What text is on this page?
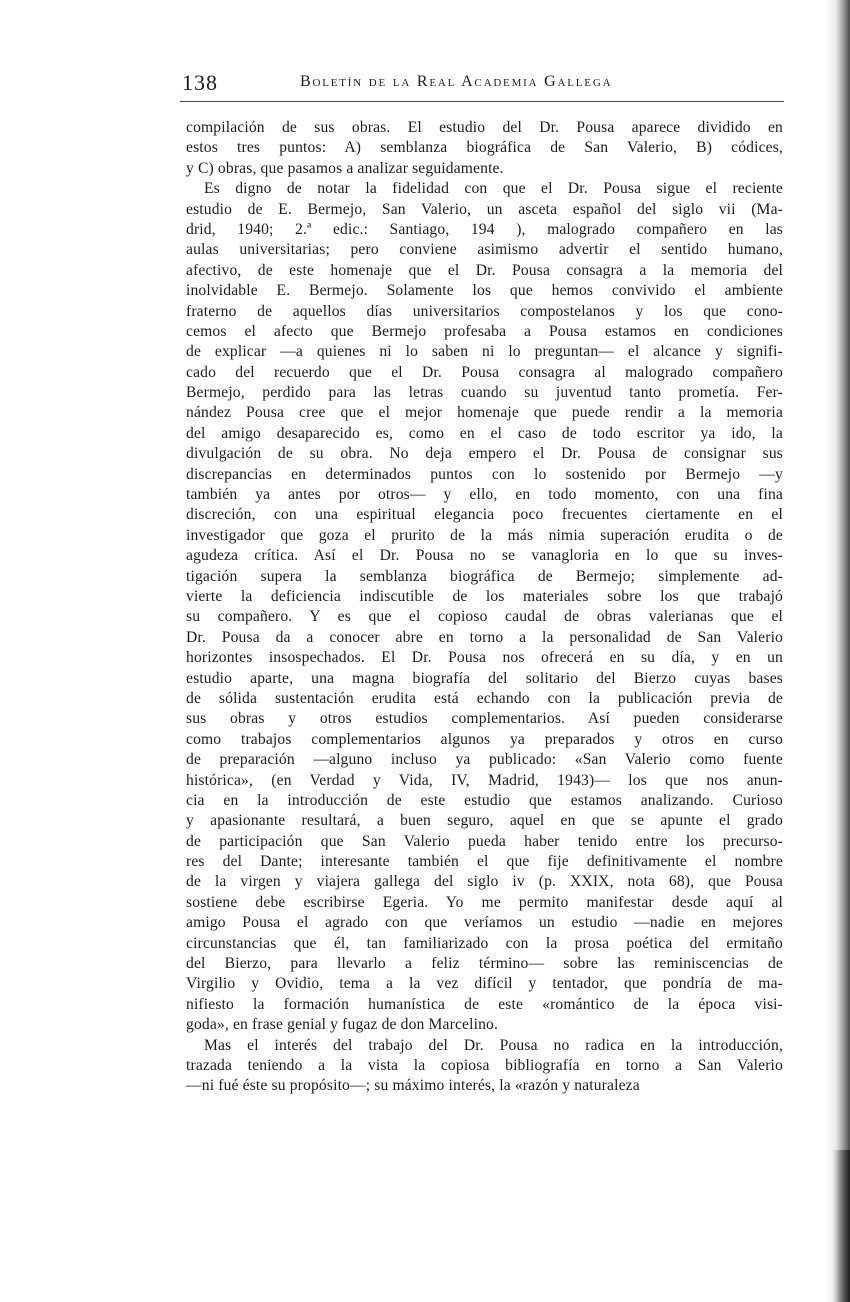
138	Boletín de la Real Academia Gallega

compilación de sus obras. El estudio del Dr. Pousa aparece dividido en
estos tres puntos: A) semblanza biográfica de San Valerio, B) códices,
y C) obras, que pasamos a analizar seguidamente.

Es digno de notar la fidelidad con que el Dr. Pousa sigue el reciente
estudio de E. Bermejo, San Valerio, un asceta español del siglo vii (Ma-
drid, 1940; 2.ª edic.: Santiago, 194 ), malogrado compañero en las
aulas universitarias; pero conviene asimismo advertir el sentido humano,
afectivo, de este homenaje que el Dr. Pousa consagra a la memoria del
inolvidable E. Bermejo. Solamente los que hemos convivido el ambiente
fraterno de aquellos días universitarios compostelanos y los que cono-
cemos el afecto que Bermejo profesaba a Pousa estamos en condiciones
de explicar —a quienes ni lo saben ni lo preguntan— el alcance y signifi-
cado del recuerdo que el Dr. Pousa consagra al malogrado compañero
Bermejo, perdido para las letras cuando su juventud tanto prometía. Fer-
nández Pousa cree que el mejor homenaje que puede rendir a la memoria
del amigo desaparecido es, como en el caso de todo escritor ya ido, la
divulgación de su obra. No deja empero el Dr. Pousa de consignar sus
discrepancias en determinados puntos con lo sostenido por Bermejo —y
también ya antes por otros— y ello, en todo momento, con una fina
discreción, con una espiritual elegancia poco frecuentes ciertamente en el
investigador que goza el prurito de la más nimia superación erudita o de
agudeza crítica. Así el Dr. Pousa no se vanagloria en lo que su inves-
tigación supera la semblanza biográfica de Bermejo; simplemente ad-
vierte la deficiencia indiscutible de los materiales sobre los que trabajó
su compañero. Y es que el copioso caudal de obras valerianas que el
Dr. Pousa da a conocer abre en torno a la personalidad de San Valerio
horizontes insospechados. El Dr. Pousa nos ofrecerá en su día, y en un
estudio aparte, una magna biografía del solitario del Bierzo cuyas bases
de sólida sustentación erudita está echando con la publicación previa de
sus obras y otros estudios complementarios. Así pueden considerarse
como trabajos complementarios algunos ya preparados y otros en curso
de preparación —alguno incluso ya publicado: «San Valerio como fuente
histórica», (en Verdad y Vida, IV, Madrid, 1943)— los que nos anun-
cia en la introducción de este estudio que estamos analizando. Curioso
y apasionante resultará, a buen seguro, aquel en que se apunte el grado
de participación que San Valerio pueda haber tenido entre los precurso-
res del Dante; interesante también el que fije definitivamente el nombre
de la virgen y viajera gallega del siglo iv (p. XXIX, nota 68), que Pousa
sostiene debe escribirse Egeria. Yo me permito manifestar desde aquí al
amigo Pousa el agrado con que veríamos un estudio —nadie en mejores
circunstancias que él, tan familiarizado con la prosa poética del ermitaño
del Bierzo, para llevarlo a feliz término— sobre las reminiscencias de
Virgilio y Ovidio, tema a la vez difícil y tentador, que pondría de ma-
nifiesto la formación humanística de este «romántico de la época visi-
goda», en frase genial y fugaz de don Marcelino.

Mas el interés del trabajo del Dr. Pousa no radica en la introducción,
trazada teniendo a la vista la copiosa bibliografía en torno a San Valerio
—ni fué éste su propósito—; su máximo interés, la «razón y naturaleza
